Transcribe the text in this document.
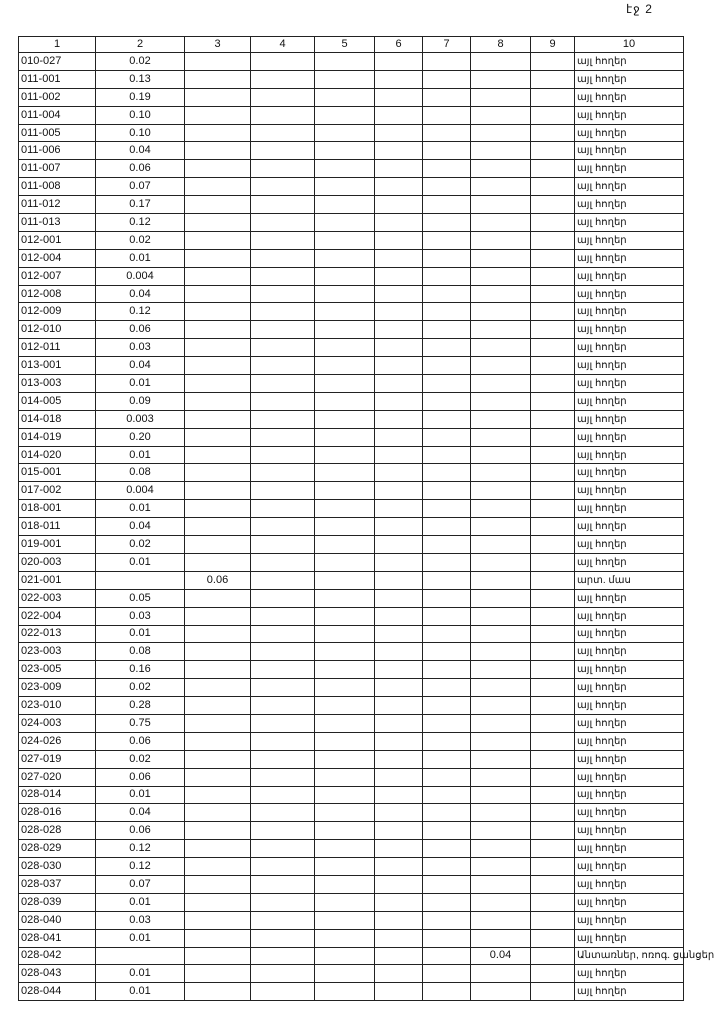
էջ 2
1	2	3	4	5	6	7	8	9	10
010-027	0.02								այլ հողեր
011-001	0.13								այլ հողեր
011-002	0.19								այլ հողեր
011-004	0.10								այլ հողեր
011-005	0.10								այլ հողեր
011-006	0.04								այլ հողեր
011-007	0.06								այլ հողեր
011-008	0.07								այլ հողեր
011-012	0.17								այլ հողեր
011-013	0.12								այլ հողեր
012-001	0.02								այլ հողեր
012-004	0.01								այլ հողեր
012-007	0.004								այլ հողեր
012-008	0.04								այլ հողեր
012-009	0.12								այլ հողեր
012-010	0.06								այլ հողեր
012-011	0.03								այլ հողեր
013-001	0.04								այլ հողեր
013-003	0.01								այլ հողեր
014-005	0.09								այլ հողեր
014-018	0.003								այլ հողեր
014-019	0.20								այլ հողեր
014-020	0.01								այլ հողեր
015-001	0.08								այլ հողեր
017-002	0.004								այլ հողեր
018-001	0.01								այլ հողեր
018-011	0.04								այլ հողեր
019-001	0.02								այլ հողեր
020-003	0.01								այլ հողեր
021-001		0.06							արտ. մաս
022-003	0.05								այլ հողեր
022-004	0.03								այլ հողեր
022-013	0.01								այլ հողեր
023-003	0.08								այլ հողեր
023-005	0.16								այլ հողեր
023-009	0.02								այլ հողեր
023-010	0.28								այլ հողեր
024-003	0.75								այլ հողեր
024-026	0.06								այլ հողեր
027-019	0.02								այլ հողեր
027-020	0.06								այլ հողեր
028-014	0.01								այլ հողեր
028-016	0.04								այլ հողեր
028-028	0.06								այլ հողեր
028-029	0.12								այլ հողեր
028-030	0.12								այլ հողեր
028-037	0.07								այլ հողեր
028-039	0.01								այլ հողեր
028-040	0.03								այլ հողեր
028-041	0.01								այլ հողեր
028-042							0.04		Անտառներ, ոռոգ. ցանցեր
028-043	0.01								այլ հողեր
028-044	0.01								այլ հողեր
